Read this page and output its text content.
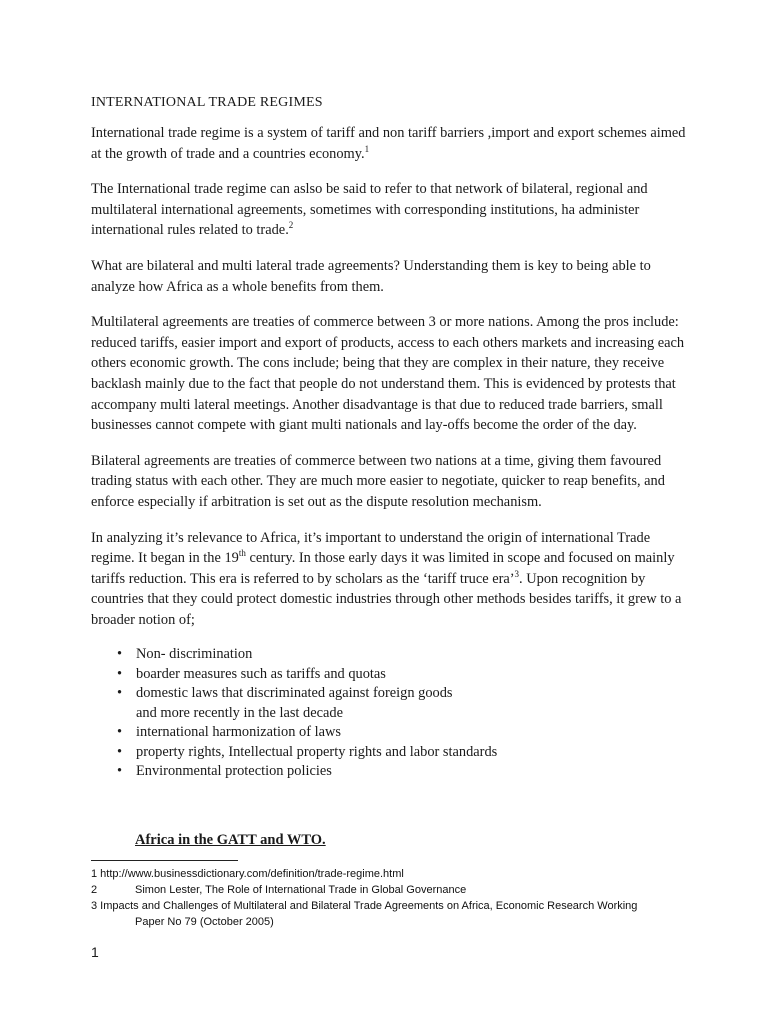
INTERNATIONAL TRADE REGIMES

International trade regime is a system of tariff and non tariff barriers ,import and export schemes aimed at the growth of trade and a countries economy.$^1$

The International trade regime can aslso be said to refer to that network of bilateral, regional and multilateral international agreements, sometimes with corresponding institutions, ha administer international rules related to trade.$^2$

What are bilateral and multi lateral trade agreements? Understanding them is key to being able to analyze how Africa as a whole benefits from them.

Multilateral agreements are treaties of commerce between 3 or more nations. Among the pros include: reduced tariffs, easier import and export of products, access to each others markets and increasing each others economic growth. The cons include; being that they are complex in their nature, they receive backlash mainly due to the fact that people do not understand them. This is evidenced by protests that accompany multi lateral meetings. Another disadvantage is that due to reduced trade barriers, small businesses cannot compete with giant multi nationals and lay-offs become the order of the day.

Bilateral agreements are treaties of commerce between two nations at a time, giving them favoured trading status with each other. They are much more easier to negotiate, quicker to reap benefits, and enforce especially if arbitration is set out as the dispute resolution mechanism.

In analyzing it’s relevance to Africa, it’s important to understand the origin of international Trade regime. It began in the 19th century. In those early days it was limited in scope and focused on mainly tariffs reduction. This era is referred to by scholars as the ‘tariff truce era’$^3$. Upon recognition by countries that they could protect domestic industries through other methods besides tariffs, it grew to a broader notion of;

• Non- discrimination
• boarder measures such as tariffs and quotas
• domestic laws that discriminated against foreign goods
and more recently in the last decade
• international harmonization of laws
• property rights, Intellectual property rights and labor standards
• Environmental protection policies
Africa in the GATT and WTO.
1 http://www.businessdictionary.com/definition/trade-regime.html
2	Simon Lester, The Role of International Trade in Global Governance
3 Impacts and Challenges of Multilateral and Bilateral Trade Agreements on Africa, Economic Research Working
Paper No 79 (October 2005)
1
